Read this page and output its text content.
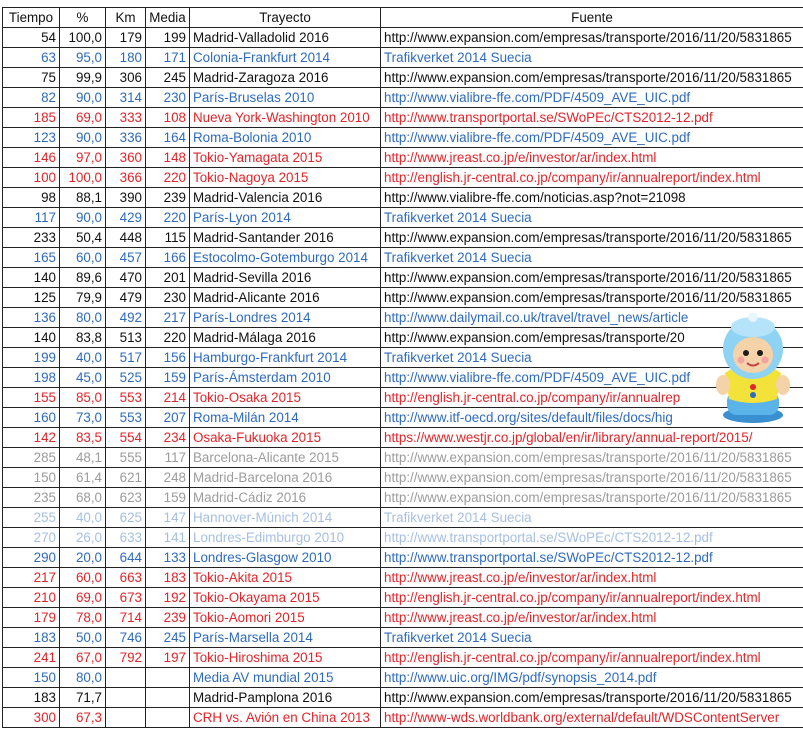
Tiempo	%	Km	Media	Trayecto	Fuente
54	100,0	179	199	Madrid-Valladolid 2016	http://www.expansion.com/empresas/transporte/2016/11/20/5831865
63	95,0	180	171	Colonia-Frankfurt 2014	Trafikverket 2014 Suecia
75	99,9	306	245	Madrid-Zaragoza 2016	http://www.expansion.com/empresas/transporte/2016/11/20/5831865
82	90,0	314	230	París-Bruselas 2010	http://www.vialibre-ffe.com/PDF/4509_AVE_UIC.pdf
185	69,0	333	108	Nueva York-Washington 2010	http://www.transportportal.se/SWoPEc/CTS2012-12.pdf
123	90,0	336	164	Roma-Bolonia 2010	http://www.vialibre-ffe.com/PDF/4509_AVE_UIC.pdf
146	97,0	360	148	Tokio-Yamagata 2015	http://www.jreast.co.jp/e/investor/ar/index.html
100	100,0	366	220	Tokio-Nagoya 2015	http://english.jr-central.co.jp/company/ir/annualreport/index.html
98	88,1	390	239	Madrid-Valencia 2016	http://www.vialibre-ffe.com/noticias.asp?not=21098
117	90,0	429	220	París-Lyon 2014	Trafikverket 2014 Suecia
233	50,4	448	115	Madrid-Santander 2016	http://www.expansion.com/empresas/transporte/2016/11/20/5831865
165	60,0	457	166	Estocolmo-Gotemburgo 2014	Trafikverket 2014 Suecia
140	89,6	470	201	Madrid-Sevilla 2016	http://www.expansion.com/empresas/transporte/2016/11/20/5831865
125	79,9	479	230	Madrid-Alicante 2016	http://www.expansion.com/empresas/transporte/2016/11/20/5831865
136	80,0	492	217	París-Londres 2014	http://www.dailymail.co.uk/travel/travel_news/article
140	83,8	513	220	Madrid-Málaga 2016	http://www.expansion.com/empresas/transporte/20
199	40,0	517	156	Hamburgo-Frankfurt 2014	Trafikverket 2014 Suecia
198	45,0	525	159	París-Ámsterdam 2010	http://www.vialibre-ffe.com/PDF/4509_AVE_UIC.pdf
155	85,0	553	214	Tokio-Osaka 2015	http://english.jr-central.co.jp/company/ir/annualrep
160	73,0	553	207	Roma-Milán 2014	http://www.itf-oecd.org/sites/default/files/docs/hig
142	83,5	554	234	Osaka-Fukuoka 2015	https://www.westjr.co.jp/global/en/ir/library/annual-report/2015/
285	48,1	555	117	Barcelona-Alicante 2015	http://www.expansion.com/empresas/transporte/2016/11/20/5831865
150	61,4	621	248	Madrid-Barcelona 2016	http://www.expansion.com/empresas/transporte/2016/11/20/5831865
235	68,0	623	159	Madrid-Cádiz 2016	http://www.expansion.com/empresas/transporte/2016/11/20/5831865
255	40,0	625	147	Hannover-Múnich 2014	Trafikverket 2014 Suecia
270	26,0	633	141	Londres-Edimburgo 2010	http://www.transportportal.se/SWoPEc/CTS2012-12.pdf
290	20,0	644	133	Londres-Glasgow 2010	http://www.transportportal.se/SWoPEc/CTS2012-12.pdf
217	60,0	663	183	Tokio-Akita 2015	http://www.jreast.co.jp/e/investor/ar/index.html
210	69,0	673	192	Tokio-Okayama 2015	http://english.jr-central.co.jp/company/ir/annualreport/index.html
179	78,0	714	239	Tokio-Aomori 2015	http://www.jreast.co.jp/e/investor/ar/index.html
183	50,0	746	245	París-Marsella 2014	Trafikverket 2014 Suecia
241	67,0	792	197	Tokio-Hiroshima 2015	http://english.jr-central.co.jp/company/ir/annualreport/index.html
150	80,0			Media AV mundial 2015	http://www.uic.org/IMG/pdf/synopsis_2014.pdf
183	71,7			Madrid-Pamplona 2016	http://www.expansion.com/empresas/transporte/2016/11/20/5831865
300	67,3			CRH vs. Avión en China 2013	http://www-wds.worldbank.org/external/default/WDSContentServer
